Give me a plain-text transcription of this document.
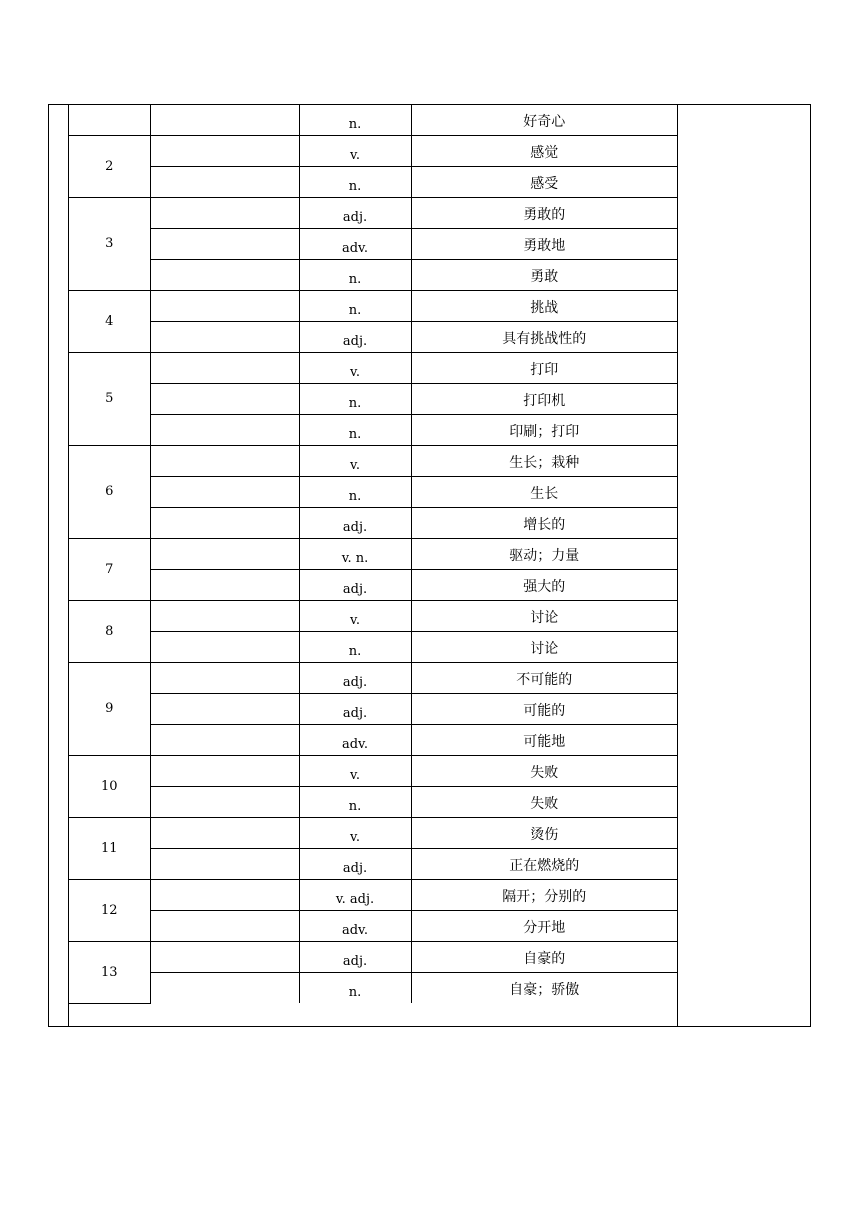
		n.	好奇心
2		v.	感觉
		n.	感受
3		adj.	勇敢的
		adv.	勇敢地
		n.	勇敢
4		n.	挑战
		adj.	具有挑战性的
5		v.	打印
		n.	打印机
		n.	印刷；打印
6		v.	生长；栽种
		n.	生长
		adj.	增长的
7		v. n.	驱动；力量
		adj.	强大的
8		v.	讨论
		n.	讨论
9		adj.	不可能的
		adj.	可能的
		adv.	可能地
10		v.	失败
		n.	失败
11		v.	烫伤
		adj.	正在燃烧的
12		v. adj.	隔开；分别的
		adv.	分开地
13		adj.	自豪的
		n.	自豪；骄傲
